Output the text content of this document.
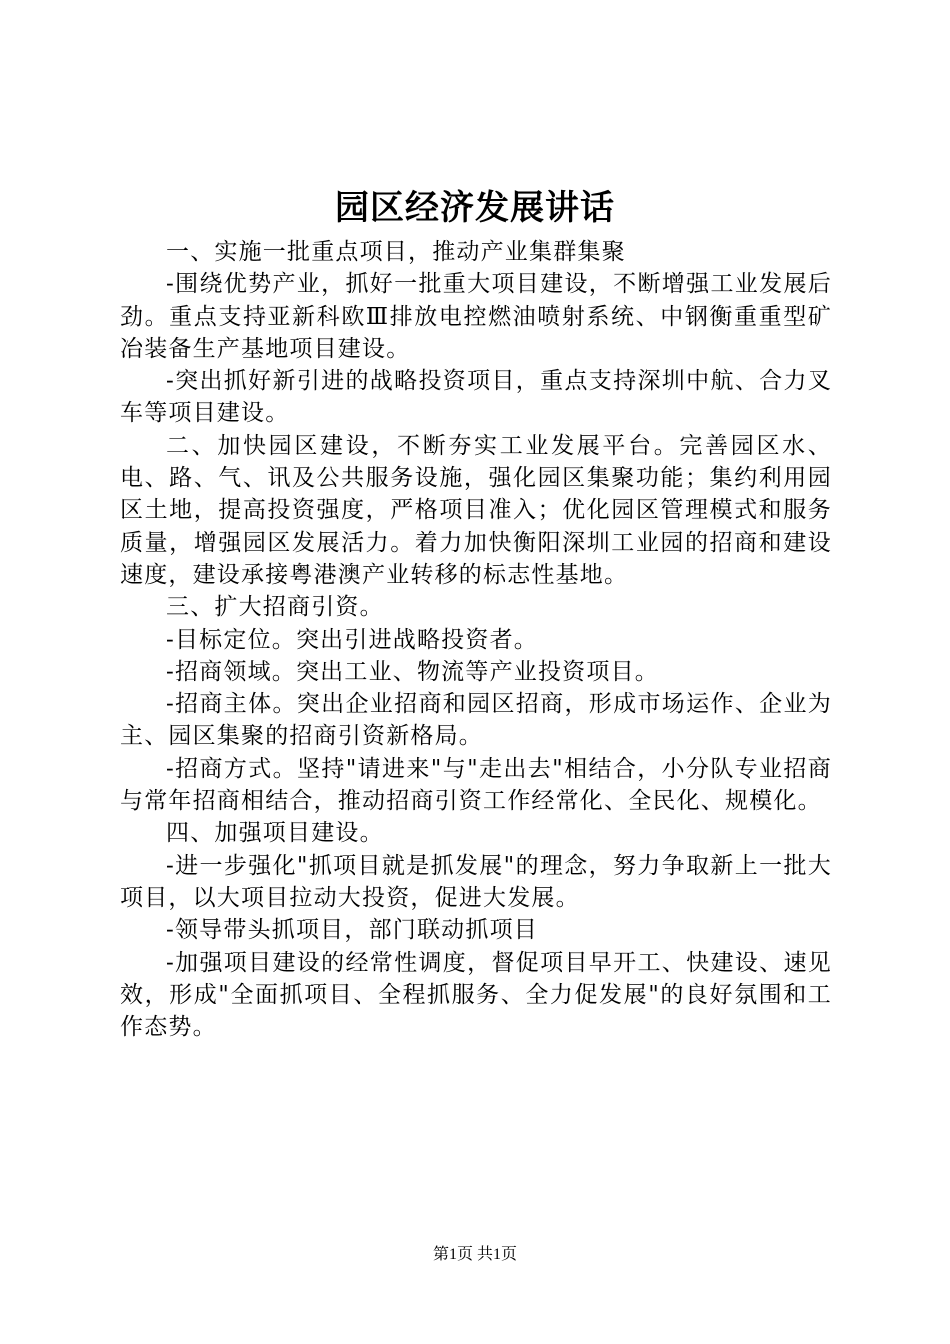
园区经济发展讲话

一、实施一批重点项目，推动产业集群集聚

-围绕优势产业，抓好一批重大项目建设，不断增强工业发展后劲。重点支持亚新科欧Ⅲ排放电控燃油喷射系统、中钢衡重重型矿冶装备生产基地项目建设。

-突出抓好新引进的战略投资项目，重点支持深圳中航、合力叉车等项目建设。

二、加快园区建设，不断夯实工业发展平台。完善园区水、电、路、气、讯及公共服务设施，强化园区集聚功能；集约利用园区土地，提高投资强度，严格项目准入；优化园区管理模式和服务质量，增强园区发展活力。着力加快衡阳深圳工业园的招商和建设速度，建设承接粤港澳产业转移的标志性基地。

三、扩大招商引资。

-目标定位。突出引进战略投资者。

-招商领域。突出工业、物流等产业投资项目。

-招商主体。突出企业招商和园区招商，形成市场运作、企业为主、园区集聚的招商引资新格局。

-招商方式。坚持"请进来"与"走出去"相结合，小分队专业招商与常年招商相结合，推动招商引资工作经常化、全民化、规模化。

四、加强项目建设。

-进一步强化"抓项目就是抓发展"的理念，努力争取新上一批大项目，以大项目拉动大投资，促进大发展。

-领导带头抓项目，部门联动抓项目

-加强项目建设的经常性调度，督促项目早开工、快建设、速见效，形成"全面抓项目、全程抓服务、全力促发展"的良好氛围和工作态势。

第1页 共1页
